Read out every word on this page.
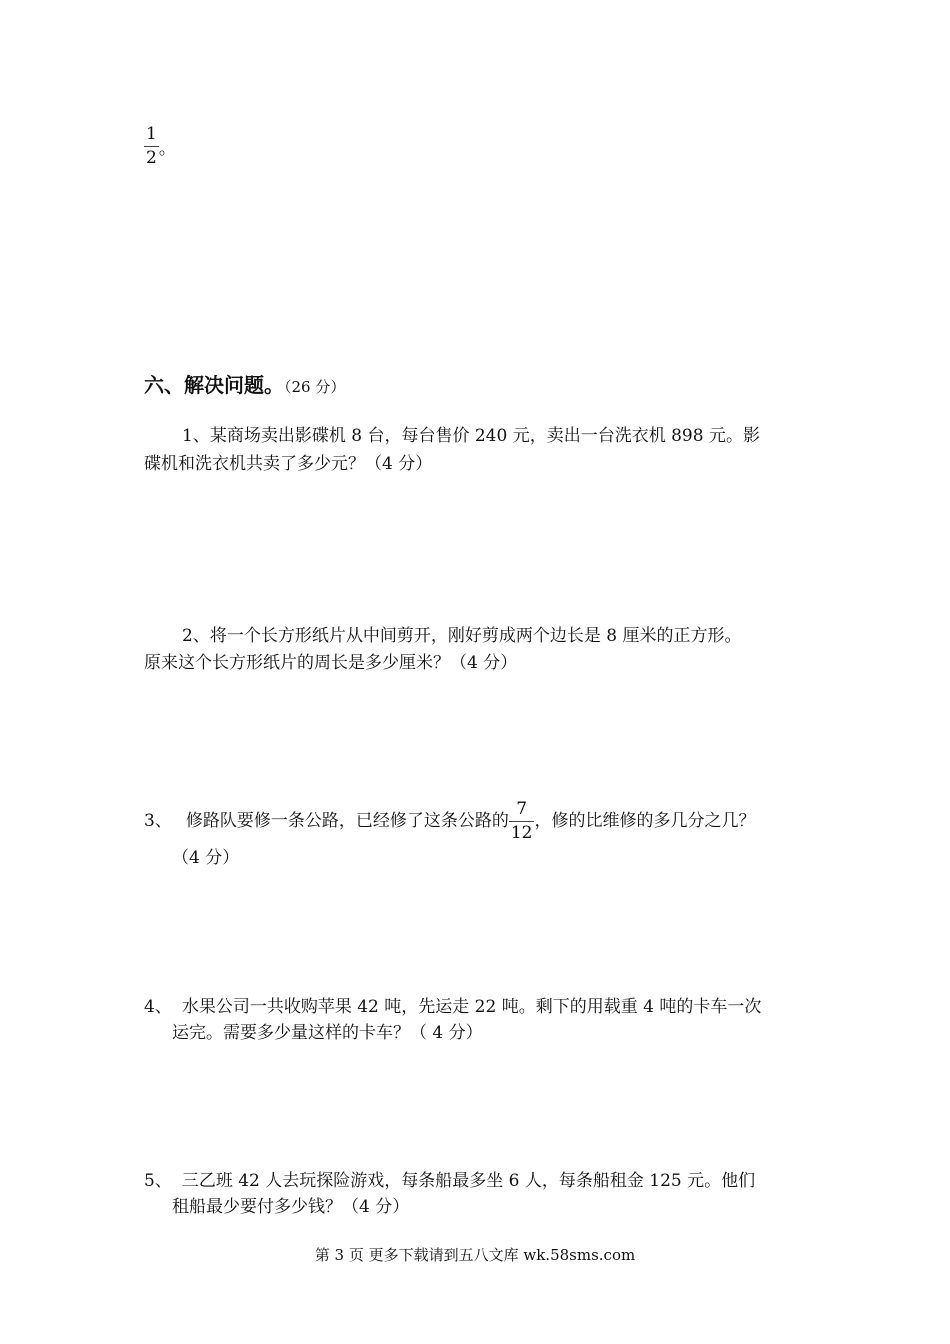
$\frac{1}{2}$ 。
六、解决问题。（26 分）
1、某商场卖出影碟机 8 台，每台售价 240 元，卖出一台洗衣机 898 元。影
碟机和洗衣机共卖了多少元？（4 分）
2、将一个长方形纸片从中间剪开，刚好剪成两个边长是 8 厘米的正方形。
原来这个长方形纸片的周长是多少厘米？（4 分）
3、 修路队要修一条公路，已经修了这条公路的 $\frac{7}{12}$ ，修的比维修的多几分之几？
（4 分）
4、 水果公司一共收购苹果 42 吨，先运走 22 吨。剩下的用载重 4 吨的卡车一次
运完。需要多少量这样的卡车？（ 4 分）
5、 三乙班 42 人去玩探险游戏，每条船最多坐 6 人，每条船租金 125 元。他们
租船最少要付多少钱？（4 分）
第 3 页 更多下载请到五八文库 wk.58sms.com
